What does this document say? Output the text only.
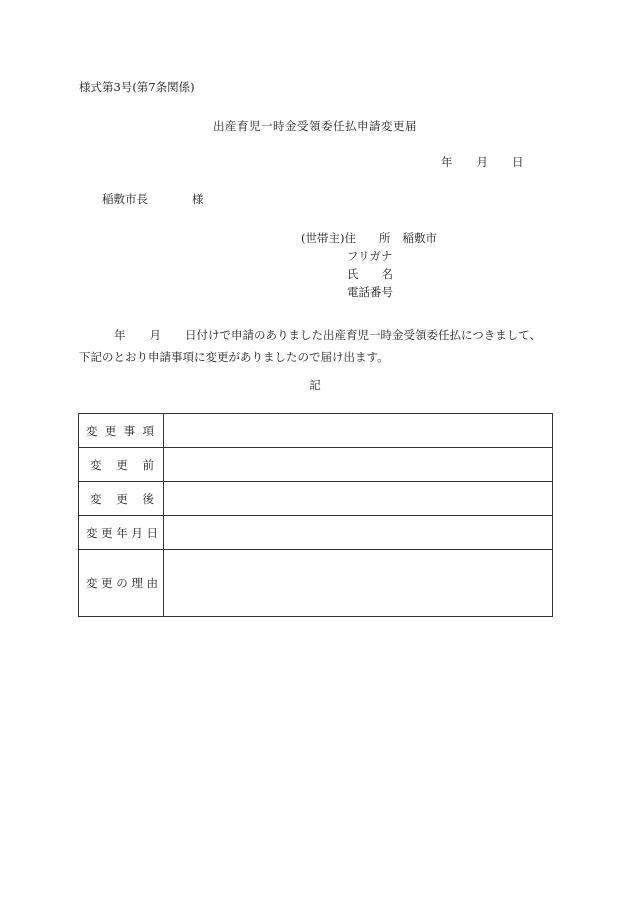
様式第3号(第7条関係)
出産育児一時金受領委任払申請変更届
年 月 日
稲敷市長	様
(世帯主)住　所 稲敷市
フリガナ
氏　名
電話番号
年 月 日付けで申請のありました出産育児一時金受領委任払につきまして、
下記のとおり申請事項に変更がありましたので届け出ます。
記
変更事項	

変更前	

変更後	

変更年月日	

変更の理由	
